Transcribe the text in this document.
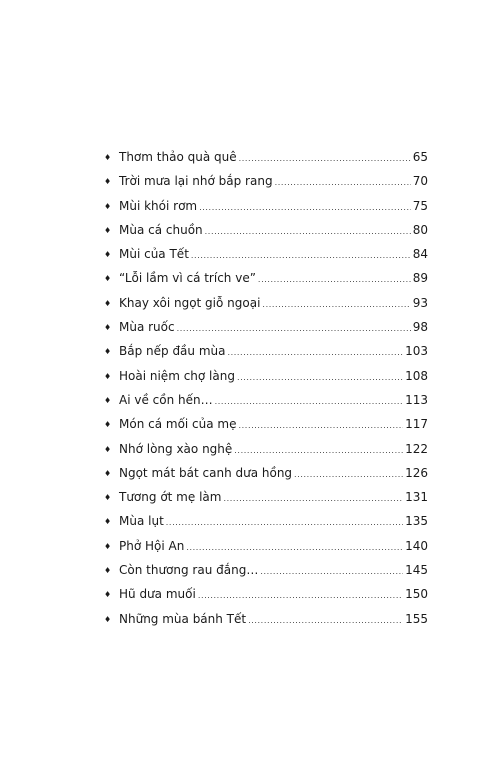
♦ Thơm thảo quà quê .....	65
♦ Trời mưa lại nhớ bắp rang .....	70
♦ Mùi khói rơm .....	75
♦ Mùa cá chuồn .....	80
♦ Mùi của Tết .....	84
♦ “Lỗi lầm vì cá trích ve” .....	89
♦ Khay xôi ngọt giỗ ngoại .....	93
♦ Mùa ruốc .....	98
♦ Bắp nếp đầu mùa .....	103
♦ Hoài niệm chợ làng .....	108
♦ Ai về cồn hến… .....	113
♦ Món cá mối của mẹ .....	117
♦ Nhớ lòng xào nghệ .....	122
♦ Ngọt mát bát canh dưa hồng .....	126
♦ Tương ớt mẹ làm .....	131
♦ Mùa lụt .....	135
♦ Phở Hội An .....	140
♦ Còn thương rau đắng… .....	145
♦ Hũ dưa muối .....	150
♦ Những mùa bánh Tết .....	155
